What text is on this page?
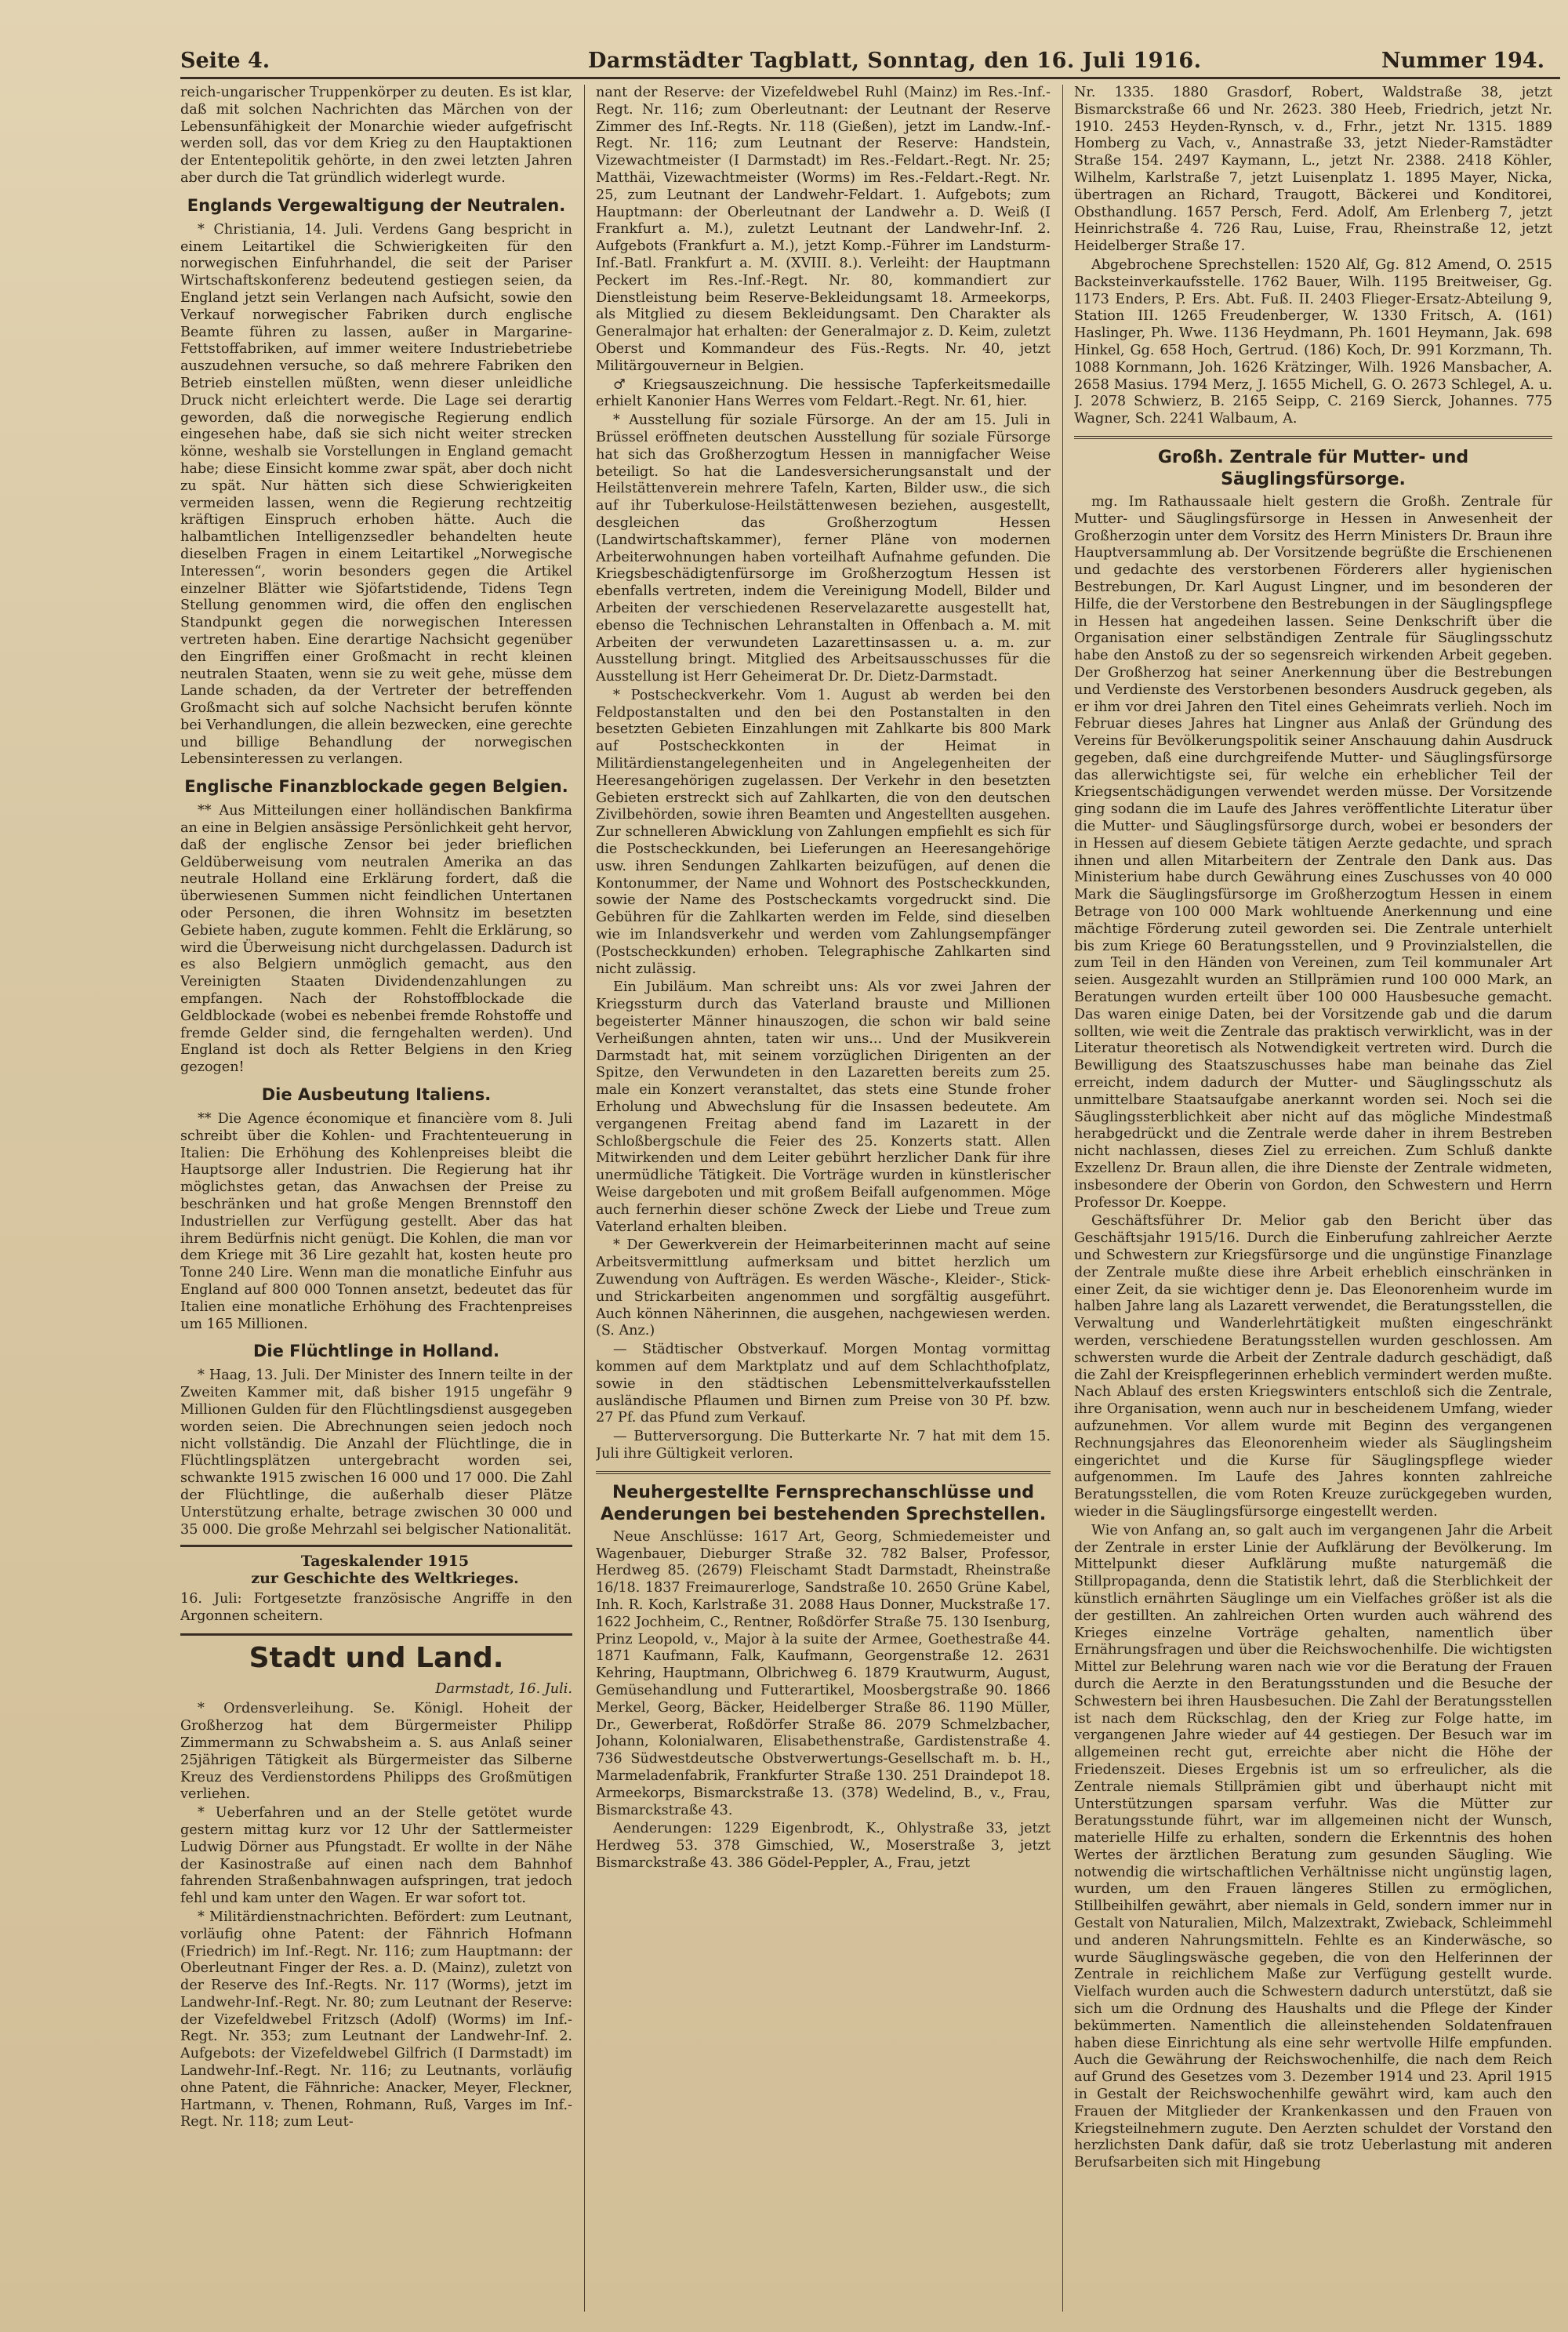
Seite 4.	Darmstädter Tagblatt, Sonntag, den 16. Juli 1916.	Nummer 194.

reich-ungarischer Truppenkörper zu deuten. Es ist klar, daß mit solchen Nachrichten das Märchen von der Lebensunfähigkeit der Monarchie wieder aufgefrischt werden soll, das vor dem Krieg zu den Hauptaktionen der Ententepolitik gehörte, in den zwei letzten Jahren aber durch die Tat gründlich widerlegt wurde.

Englands Vergewaltigung der Neutralen.

* Christiania, 14. Juli. Verdens Gang bespricht in einem Leitartikel die Schwierigkeiten für den norwegischen Einfuhrhandel, die seit der Pariser Wirtschaftskonferenz bedeutend gestiegen seien, da England jetzt sein Verlangen nach Aufsicht, sowie den Verkauf norwegischer Fabriken durch englische Beamte führen zu lassen, außer in Margarine-Fettstoffabriken, auf immer weitere Industriebetriebe auszudehnen versuche, so daß mehrere Fabriken den Betrieb einstellen müßten, wenn dieser unleidliche Druck nicht erleichtert werde. Die Lage sei derartig geworden, daß die norwegische Regierung endlich eingesehen habe, daß sie sich nicht weiter strecken könne, weshalb sie Vorstellungen in England gemacht habe; diese Einsicht komme zwar spät, aber doch nicht zu spät. Nur hätten sich diese Schwierigkeiten vermeiden lassen, wenn die Regierung rechtzeitig kräftigen Einspruch erhoben hätte. Auch die halbamtlichen Intelligenzsedler behandelten heute dieselben Fragen in einem Leitartikel „Norwegische Interessen“, worin besonders gegen die Artikel einzelner Blätter wie Sjöfartstidende, Tidens Tegn Stellung genommen wird, die offen den englischen Standpunkt gegen die norwegischen Interessen vertreten haben. Eine derartige Nachsicht gegenüber den Eingriffen einer Großmacht in recht kleinen neutralen Staaten, wenn sie zu weit gehe, müsse dem Lande schaden, da der Vertreter der betreffenden Großmacht sich auf solche Nachsicht berufen könnte bei Verhandlungen, die allein bezwecken, eine gerechte und billige Behandlung der norwegischen Lebensinteressen zu verlangen.

Englische Finanzblockade gegen Belgien.

** Aus Mitteilungen einer holländischen Bankfirma an eine in Belgien ansässige Persönlichkeit geht hervor, daß der englische Zensor bei jeder brieflichen Geldüberweisung vom neutralen Amerika an das neutrale Holland eine Erklärung fordert, daß die überwiesenen Summen nicht feindlichen Untertanen oder Personen, die ihren Wohnsitz im besetzten Gebiete haben, zugute kommen. Fehlt die Erklärung, so wird die Überweisung nicht durchgelassen. Dadurch ist es also Belgiern unmöglich gemacht, aus den Vereinigten Staaten Dividendenzahlungen zu empfangen. Nach der Rohstoffblockade die Geldblockade (wobei es nebenbei fremde Rohstoffe und fremde Gelder sind, die ferngehalten werden). Und England ist doch als Retter Belgiens in den Krieg gezogen!

Die Ausbeutung Italiens.

** Die Agence économique et financière vom 8. Juli schreibt über die Kohlen- und Frachtenteuerung in Italien: Die Erhöhung des Kohlenpreises bleibt die Hauptsorge aller Industrien. Die Regierung hat ihr möglichstes getan, das Anwachsen der Preise zu beschränken und hat große Mengen Brennstoff den Industriellen zur Verfügung gestellt. Aber das hat ihrem Bedürfnis nicht genügt. Die Kohlen, die man vor dem Kriege mit 36 Lire gezahlt hat, kosten heute pro Tonne 240 Lire. Wenn man die monatliche Einfuhr aus England auf 800 000 Tonnen ansetzt, bedeutet das für Italien eine monatliche Erhöhung des Frachtenpreises um 165 Millionen.

Die Flüchtlinge in Holland.

* Haag, 13. Juli. Der Minister des Innern teilte in der Zweiten Kammer mit, daß bisher 1915 ungefähr 9 Millionen Gulden für den Flüchtlingsdienst ausgegeben worden seien. Die Abrechnungen seien jedoch noch nicht vollständig. Die Anzahl der Flüchtlinge, die in Flüchtlingsplätzen untergebracht worden sei, schwankte 1915 zwischen 16 000 und 17 000. Die Zahl der Flüchtlinge, die außerhalb dieser Plätze Unterstützung erhalte, betrage zwischen 30 000 und 35 000. Die große Mehrzahl sei belgischer Nationalität.

Tageskalender 1915

zur Geschichte des Weltkrieges.

16. Juli: Fortgesetzte französische Angriffe in den Argonnen scheitern.

Stadt und Land.

Darmstadt, 16. Juli.

* Ordensverleihung. Se. Königl. Hoheit der Großherzog hat dem Bürgermeister Philipp Zimmermann zu Schwabsheim a. S. aus Anlaß seiner 25jährigen Tätigkeit als Bürgermeister das Silberne Kreuz des Verdienstordens Philipps des Großmütigen verliehen.

* Ueberfahren und an der Stelle getötet wurde gestern mittag kurz vor 12 Uhr der Sattlermeister Ludwig Dörner aus Pfungstadt. Er wollte in der Nähe der Kasinostraße auf einen nach dem Bahnhof fahrenden Straßenbahnwagen aufspringen, trat jedoch fehl und kam unter den Wagen. Er war sofort tot.

* Militärdienstnachrichten. Befördert: zum Leutnant, vorläufig ohne Patent: der Fähnrich Hofmann (Friedrich) im Inf.-Regt. Nr. 116; zum Hauptmann: der Oberleutnant Finger der Res. a. D. (Mainz), zuletzt von der Reserve des Inf.-Regts. Nr. 117 (Worms), jetzt im Landwehr-Inf.-Regt. Nr. 80; zum Leutnant der Reserve: der Vizefeldwebel Fritzsch (Adolf) (Worms) im Inf.-Regt. Nr. 353; zum Leutnant der Landwehr-Inf. 2. Aufgebots: der Vizefeldwebel Gilfrich (I Darmstadt) im Landwehr-Inf.-Regt. Nr. 116; zu Leutnants, vorläufig ohne Patent, die Fähnriche: Anacker, Meyer, Fleckner, Hartmann, v. Thenen, Rohmann, Ruß, Varges im Inf.-Regt. Nr. 118; zum Leut-

nant der Reserve: der Vizefeldwebel Ruhl (Mainz) im Res.-Inf.-Regt. Nr. 116; zum Oberleutnant: der Leutnant der Reserve Zimmer des Inf.-Regts. Nr. 118 (Gießen), jetzt im Landw.-Inf.-Regt. Nr. 116; zum Leutnant der Reserve: Handstein, Vizewachtmeister (I Darmstadt) im Res.-Feldart.-Regt. Nr. 25; Matthäi, Vizewachtmeister (Worms) im Res.-Feldart.-Regt. Nr. 25, zum Leutnant der Landwehr-Feldart. 1. Aufgebots; zum Hauptmann: der Oberleutnant der Landwehr a. D. Weiß (I Frankfurt a. M.), zuletzt Leutnant der Landwehr-Inf. 2. Aufgebots (Frankfurt a. M.), jetzt Komp.-Führer im Landsturm-Inf.-Batl. Frankfurt a. M. (XVIII. 8.). Verleiht: der Hauptmann Peckert im Res.-Inf.-Regt. Nr. 80, kommandiert zur Dienstleistung beim Reserve-Bekleidungsamt 18. Armeekorps, als Mitglied zu diesem Bekleidungsamt. Den Charakter als Generalmajor hat erhalten: der Generalmajor z. D. Keim, zuletzt Oberst und Kommandeur des Füs.-Regts. Nr. 40, jetzt Militärgouverneur in Belgien.

♂ Kriegsauszeichnung. Die hessische Tapferkeitsmedaille erhielt Kanonier Hans Werres vom Feldart.-Regt. Nr. 61, hier.

* Ausstellung für soziale Fürsorge. An der am 15. Juli in Brüssel eröffneten deutschen Ausstellung für soziale Fürsorge hat sich das Großherzogtum Hessen in mannigfacher Weise beteiligt. So hat die Landesversicherungsanstalt und der Heilstättenverein mehrere Tafeln, Karten, Bilder usw., die sich auf ihr Tuberkulose-Heilstättenwesen beziehen, ausgestellt, desgleichen das Großherzogtum Hessen (Landwirtschaftskammer), ferner Pläne von modernen Arbeiterwohnungen haben vorteilhaft Aufnahme gefunden. Die Kriegsbeschädigtenfürsorge im Großherzogtum Hessen ist ebenfalls vertreten, indem die Vereinigung Modell, Bilder und Arbeiten der verschiedenen Reservelazarette ausgestellt hat, ebenso die Technischen Lehranstalten in Offenbach a. M. mit Arbeiten der verwundeten Lazarettinsassen u. a. m. zur Ausstellung bringt. Mitglied des Arbeitsausschusses für die Ausstellung ist Herr Geheimerat Dr. Dr. Dietz-Darmstadt.

* Postscheckverkehr. Vom 1. August ab werden bei den Feldpostanstalten und den bei den Postanstalten in den besetzten Gebieten Einzahlungen mit Zahlkarte bis 800 Mark auf Postscheckkonten in der Heimat in Militärdienstangelegenheiten und in Angelegenheiten der Heeresangehörigen zugelassen. Der Verkehr in den besetzten Gebieten erstreckt sich auf Zahlkarten, die von den deutschen Zivilbehörden, sowie ihren Beamten und Angestellten ausgehen. Zur schnelleren Abwicklung von Zahlungen empfiehlt es sich für die Postscheckkunden, bei Lieferungen an Heeresangehörige usw. ihren Sendungen Zahlkarten beizufügen, auf denen die Kontonummer, der Name und Wohnort des Postscheckkunden, sowie der Name des Postscheckamts vorgedruckt sind. Die Gebühren für die Zahlkarten werden im Felde, sind dieselben wie im Inlandsverkehr und werden vom Zahlungsempfänger (Postscheckkunden) erhoben. Telegraphische Zahlkarten sind nicht zulässig.

Ein Jubiläum. Man schreibt uns: Als vor zwei Jahren der Kriegssturm durch das Vaterland brauste und Millionen begeisterter Männer hinauszogen, die schon wir bald seine Verheißungen ahnten, taten wir uns... Und der Musikverein Darmstadt hat, mit seinem vorzüglichen Dirigenten an der Spitze, den Verwundeten in den Lazaretten bereits zum 25. male ein Konzert veranstaltet, das stets eine Stunde froher Erholung und Abwechslung für die Insassen bedeutete. Am vergangenen Freitag abend fand im Lazarett in der Schloßbergschule die Feier des 25. Konzerts statt. Allen Mitwirkenden und dem Leiter gebührt herzlicher Dank für ihre unermüdliche Tätigkeit. Die Vorträge wurden in künstlerischer Weise dargeboten und mit großem Beifall aufgenommen. Möge auch fernerhin dieser schöne Zweck der Liebe und Treue zum Vaterland erhalten bleiben.

* Der Gewerkverein der Heimarbeiterinnen macht auf seine Arbeitsvermittlung aufmerksam und bittet herzlich um Zuwendung von Aufträgen. Es werden Wäsche-, Kleider-, Stick- und Strickarbeiten angenommen und sorgfältig ausgeführt. Auch können Näherinnen, die ausgehen, nachgewiesen werden. (S. Anz.)

— Städtischer Obstverkauf. Morgen Montag vormittag kommen auf dem Marktplatz und auf dem Schlachthofplatz, sowie in den städtischen Lebensmittelverkaufsstellen ausländische Pflaumen und Birnen zum Preise von 30 Pf. bzw. 27 Pf. das Pfund zum Verkauf.

— Butterversorgung. Die Butterkarte Nr. 7 hat mit dem 15. Juli ihre Gültigkeit verloren.

Neuhergestellte Fernsprechanschlüsse und Aenderungen bei bestehenden Sprechstellen.

Neue Anschlüsse: 1617 Art, Georg, Schmiedemeister und Wagenbauer, Dieburger Straße 32. 782 Balser, Professor, Herdweg 85. (2679) Fleischamt Stadt Darmstadt, Rheinstraße 16/18. 1837 Freimaurerloge, Sandstraße 10. 2650 Grüne Kabel, Inh. R. Koch, Karlstraße 31. 2088 Haus Donner, Muckstraße 17. 1622 Jochheim, C., Rentner, Roßdörfer Straße 75. 130 Isenburg, Prinz Leopold, v., Major à la suite der Armee, Goethestraße 44. 1871 Kaufmann, Falk, Kaufmann, Georgenstraße 12. 2631 Kehring, Hauptmann, Olbrichweg 6. 1879 Krautwurm, August, Gemüsehandlung und Futterartikel, Moosbergstraße 90. 1866 Merkel, Georg, Bäcker, Heidelberger Straße 86. 1190 Müller, Dr., Gewerberat, Roßdörfer Straße 86. 2079 Schmelzbacher, Johann, Kolonialwaren, Elisabethenstraße, Gardistenstraße 4. 736 Südwestdeutsche Obstverwertungs-Gesellschaft m. b. H., Marmeladenfabrik, Frankfurter Straße 130. 251 Draindepot 18. Armeekorps, Bismarckstraße 13. (378) Wedelind, B., v., Frau, Bismarckstraße 43.

Aenderungen: 1229 Eigenbrodt, K., Ohlystraße 33, jetzt Herdweg 53. 378 Gimschied, W., Moserstraße 3, jetzt Bismarckstraße 43. 386 Gödel-Peppler, A., Frau, jetzt

Nr. 1335. 1880 Grasdorf, Robert, Waldstraße 38, jetzt Bismarckstraße 66 und Nr. 2623. 380 Heeb, Friedrich, jetzt Nr. 1910. 2453 Heyden-Rynsch, v. d., Frhr., jetzt Nr. 1315. 1889 Homberg zu Vach, v., Annastraße 33, jetzt Nieder-Ramstädter Straße 154. 2497 Kaymann, L., jetzt Nr. 2388. 2418 Köhler, Wilhelm, Karlstraße 7, jetzt Luisenplatz 1. 1895 Mayer, Nicka, übertragen an Richard, Traugott, Bäckerei und Konditorei, Obsthandlung. 1657 Persch, Ferd. Adolf, Am Erlenberg 7, jetzt Heinrichstraße 4. 726 Rau, Luise, Frau, Rheinstraße 12, jetzt Heidelberger Straße 17.

Abgebrochene Sprechstellen: 1520 Alf, Gg. 812 Amend, O. 2515 Backsteinverkaufsstelle. 1762 Bauer, Wilh. 1195 Breitweiser, Gg. 1173 Enders, P. Ers. Abt. Fuß. II. 2403 Flieger-Ersatz-Abteilung 9, Station III. 1265 Freudenberger, W. 1330 Fritsch, A. (161) Haslinger, Ph. Wwe. 1136 Heydmann, Ph. 1601 Heymann, Jak. 698 Hinkel, Gg. 658 Hoch, Gertrud. (186) Koch, Dr. 991 Korzmann, Th. 1088 Kornmann, Joh. 1626 Krätzinger, Wilh. 1926 Mansbacher, A. 2658 Masius. 1794 Merz, J. 1655 Michell, G. O. 2673 Schlegel, A. u. J. 2078 Schwierz, B. 2165 Seipp, C. 2169 Sierck, Johannes. 775 Wagner, Sch. 2241 Walbaum, A.

Großh. Zentrale für Mutter- und Säuglingsfürsorge.

mg. Im Rathaussaale hielt gestern die Großh. Zentrale für Mutter- und Säuglingsfürsorge in Hessen in Anwesenheit der Großherzogin unter dem Vorsitz des Herrn Ministers Dr. Braun ihre Hauptversammlung ab. Der Vorsitzende begrüßte die Erschienenen und gedachte des verstorbenen Förderers aller hygienischen Bestrebungen, Dr. Karl August Lingner, und im besonderen der Hilfe, die der Verstorbene den Bestrebungen in der Säuglingspflege in Hessen hat angedeihen lassen. Seine Denkschrift über die Organisation einer selbständigen Zentrale für Säuglingsschutz habe den Anstoß zu der so segensreich wirkenden Arbeit gegeben. Der Großherzog hat seiner Anerkennung über die Bestrebungen und Verdienste des Verstorbenen besonders Ausdruck gegeben, als er ihm vor drei Jahren den Titel eines Geheimrats verlieh. Noch im Februar dieses Jahres hat Lingner aus Anlaß der Gründung des Vereins für Bevölkerungspolitik seiner Anschauung dahin Ausdruck gegeben, daß eine durchgreifende Mutter- und Säuglingsfürsorge das allerwichtigste sei, für welche ein erheblicher Teil der Kriegsentschädigungen verwendet werden müsse. Der Vorsitzende ging sodann die im Laufe des Jahres veröffentlichte Literatur über die Mutter- und Säuglingsfürsorge durch, wobei er besonders der in Hessen auf diesem Gebiete tätigen Aerzte gedachte, und sprach ihnen und allen Mitarbeitern der Zentrale den Dank aus. Das Ministerium habe durch Gewährung eines Zuschusses von 40 000 Mark die Säuglingsfürsorge im Großherzogtum Hessen in einem Betrage von 100 000 Mark wohltuende Anerkennung und eine mächtige Förderung zuteil geworden sei. Die Zentrale unterhielt bis zum Kriege 60 Beratungsstellen, und 9 Provinzialstellen, die zum Teil in den Händen von Vereinen, zum Teil kommunaler Art seien. Ausgezahlt wurden an Stillprämien rund 100 000 Mark, an Beratungen wurden erteilt über 100 000 Hausbesuche gemacht. Das waren einige Daten, bei der Vorsitzende gab und die darum sollten, wie weit die Zentrale das praktisch verwirklicht, was in der Literatur theoretisch als Notwendigkeit vertreten wird. Durch die Bewilligung des Staatszuschusses habe man beinahe das Ziel erreicht, indem dadurch der Mutter- und Säuglingsschutz als unmittelbare Staatsaufgabe anerkannt worden sei. Noch sei die Säuglingssterblichkeit aber nicht auf das mögliche Mindestmaß herabgedrückt und die Zentrale werde daher in ihrem Bestreben nicht nachlassen, dieses Ziel zu erreichen. Zum Schluß dankte Exzellenz Dr. Braun allen, die ihre Dienste der Zentrale widmeten, insbesondere der Oberin von Gordon, den Schwestern und Herrn Professor Dr. Koeppe.

Geschäftsführer Dr. Melior gab den Bericht über das Geschäftsjahr 1915/16. Durch die Einberufung zahlreicher Aerzte und Schwestern zur Kriegsfürsorge und die ungünstige Finanzlage der Zentrale mußte diese ihre Arbeit erheblich einschränken in einer Zeit, da sie wichtiger denn je. Das Eleonorenheim wurde im halben Jahre lang als Lazarett verwendet, die Beratungsstellen, die Verwaltung und Wanderlehrtätigkeit mußten eingeschränkt werden, verschiedene Beratungsstellen wurden geschlossen. Am schwersten wurde die Arbeit der Zentrale dadurch geschädigt, daß die Zahl der Kreispflegerinnen erheblich vermindert werden mußte. Nach Ablauf des ersten Kriegswinters entschloß sich die Zentrale, ihre Organisation, wenn auch nur in bescheidenem Umfang, wieder aufzunehmen. Vor allem wurde mit Beginn des vergangenen Rechnungsjahres das Eleonorenheim wieder als Säuglingsheim eingerichtet und die Kurse für Säuglingspflege wieder aufgenommen. Im Laufe des Jahres konnten zahlreiche Beratungsstellen, die vom Roten Kreuze zurückgegeben wurden, wieder in die Säuglingsfürsorge eingestellt werden.

Wie von Anfang an, so galt auch im vergangenen Jahr die Arbeit der Zentrale in erster Linie der Aufklärung der Bevölkerung. Im Mittelpunkt dieser Aufklärung mußte naturgemäß die Stillpropaganda, denn die Statistik lehrt, daß die Sterblichkeit der künstlich ernährten Säuglinge um ein Vielfaches größer ist als die der gestillten. An zahlreichen Orten wurden auch während des Krieges einzelne Vorträge gehalten, namentlich über Ernährungsfragen und über die Reichswochenhilfe. Die wichtigsten Mittel zur Belehrung waren nach wie vor die Beratung der Frauen durch die Aerzte in den Beratungsstunden und die Besuche der Schwestern bei ihren Hausbesuchen. Die Zahl der Beratungsstellen ist nach dem Rückschlag, den der Krieg zur Folge hatte, im vergangenen Jahre wieder auf 44 gestiegen. Der Besuch war im allgemeinen recht gut, erreichte aber nicht die Höhe der Friedenszeit. Dieses Ergebnis ist um so erfreulicher, als die Zentrale niemals Stillprämien gibt und überhaupt nicht mit Unterstützungen sparsam verfuhr. Was die Mütter zur Beratungsstunde führt, war im allgemeinen nicht der Wunsch, materielle Hilfe zu erhalten, sondern die Erkenntnis des hohen Wertes der ärztlichen Beratung zum gesunden Säugling. Wie notwendig die wirtschaftlichen Verhältnisse nicht ungünstig lagen, wurden, um den Frauen längeres Stillen zu ermöglichen, Stillbeihilfen gewährt, aber niemals in Geld, sondern immer nur in Gestalt von Naturalien, Milch, Malzextrakt, Zwieback, Schleimmehl und anderen Nahrungsmitteln. Fehlte es an Kinderwäsche, so wurde Säuglingswäsche gegeben, die von den Helferinnen der Zentrale in reichlichem Maße zur Verfügung gestellt wurde. Vielfach wurden auch die Schwestern dadurch unterstützt, daß sie sich um die Ordnung des Haushalts und die Pflege der Kinder bekümmerten. Namentlich die alleinstehenden Soldatenfrauen haben diese Einrichtung als eine sehr wertvolle Hilfe empfunden. Auch die Gewährung der Reichswochenhilfe, die nach dem Reich auf Grund des Gesetzes vom 3. Dezember 1914 und 23. April 1915 in Gestalt der Reichswochenhilfe gewährt wird, kam auch den Frauen der Mitglieder der Krankenkassen und den Frauen von Kriegsteilnehmern zugute. Den Aerzten schuldet der Vorstand den herzlichsten Dank dafür, daß sie trotz Ueberlastung mit anderen Berufsarbeiten sich mit Hingebung
